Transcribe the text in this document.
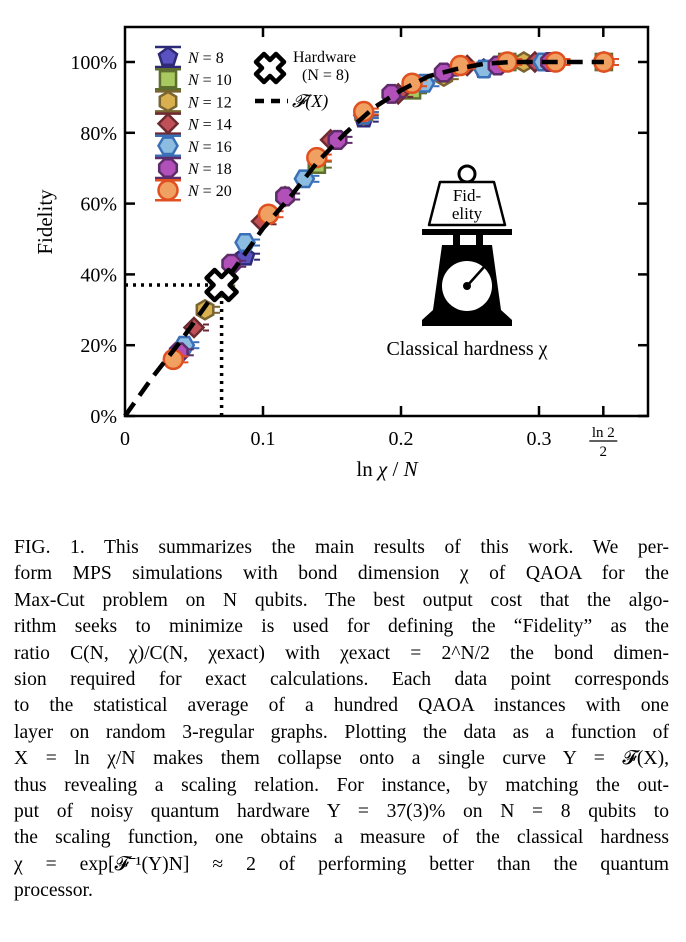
0%
20%
40%
60%
80%
100%
0	0.1	0.2	0.3	ln 2
2
N = 8
N = 10
N = 12
N = 14
N = 16
N = 18
N = 20
Hardware
(N = 8)
𝓕(X)
Fid-
elity
Classical hardness χ
Fidelity
ln χ / N
FIG. 1. This summarizes the main results of this work. We per-
form MPS simulations with bond dimension χ of QAOA for the
Max-Cut problem on N qubits. The best output cost that the algo-
rithm seeks to minimize is used for defining the “Fidelity” as the
ratio C(N, χ)/C(N, χexact) with χexact = 2^N/2 the bond dimen-
sion required for exact calculations. Each data point corresponds
to the statistical average of a hundred QAOA instances with one
layer on random 3-regular graphs. Plotting the data as a function of
X = ln χ/N makes them collapse onto a single curve Y = 𝓕(X),
thus revealing a scaling relation. For instance, by matching the out-
put of noisy quantum hardware Y = 37(3)% on N = 8 qubits to
the scaling function, one obtains a measure of the classical hardness
χ = exp[𝓕⁻¹(Y)N] ≈ 2 of performing better than the quantum
processor.
